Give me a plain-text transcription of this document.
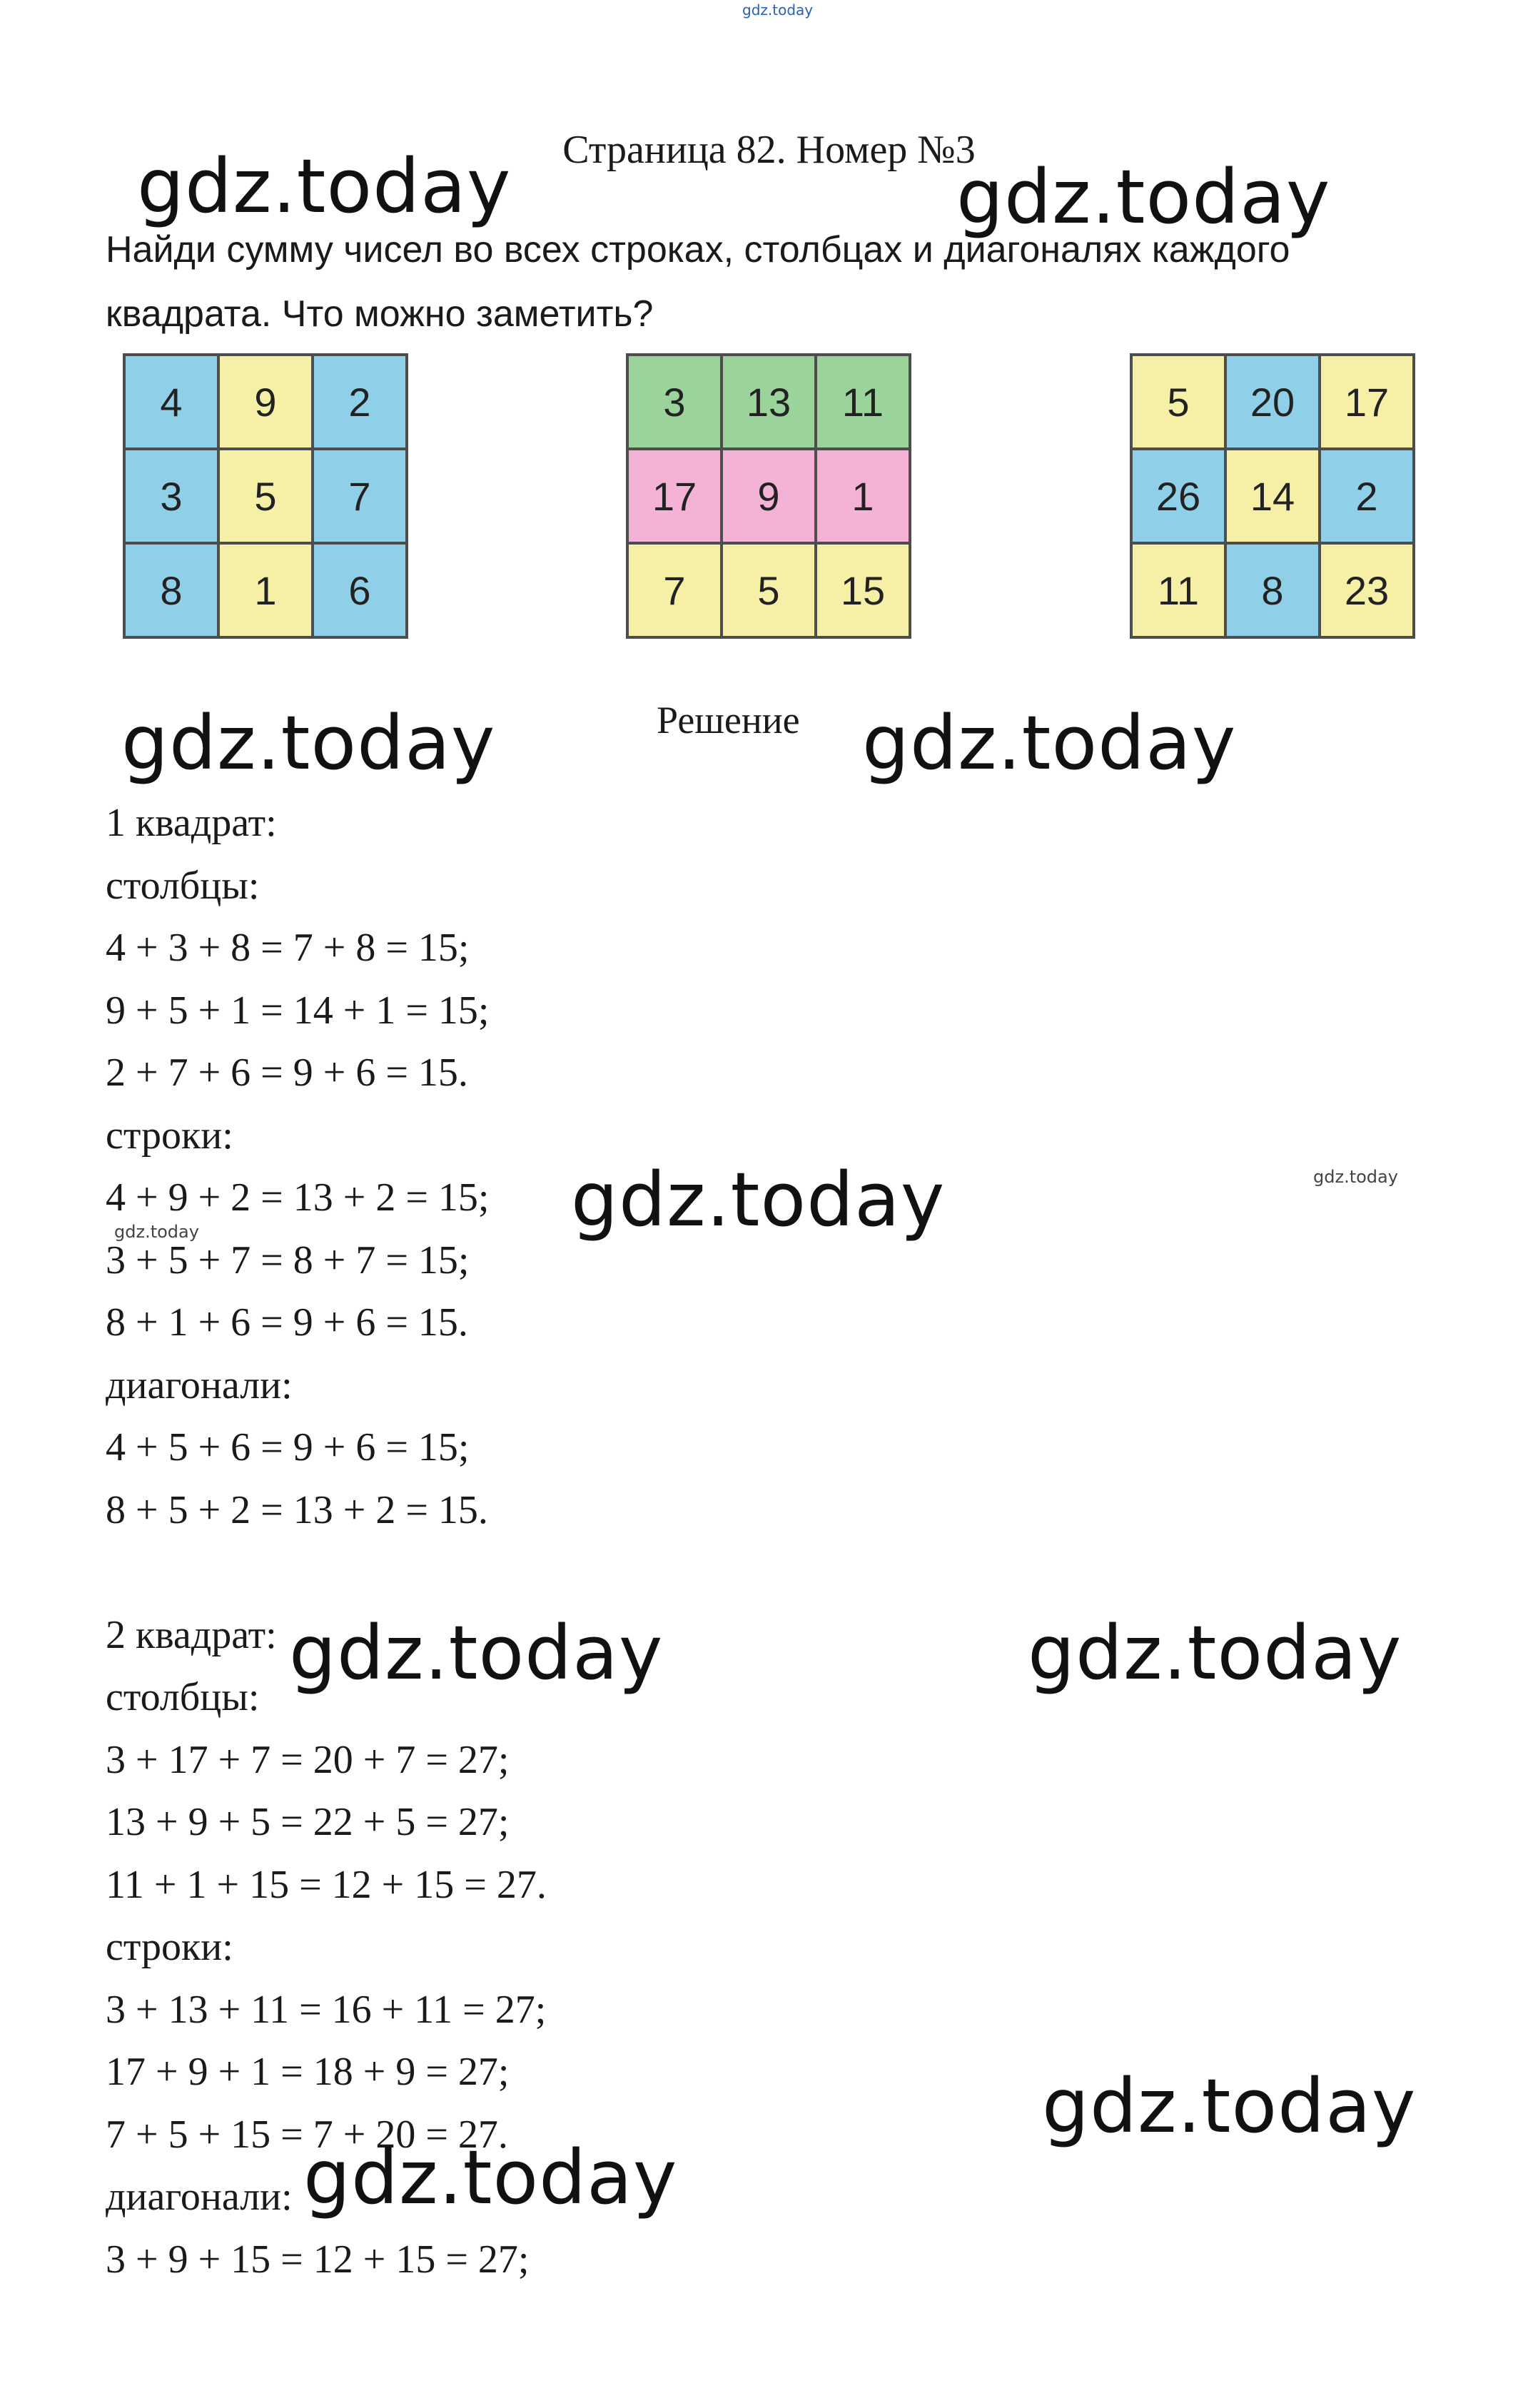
gdz.today
Страница 82. Номер №3
Найди сумму чисел во всех строках, столбцах и диагоналях каждого квадрата. Что можно заметить?
4	9	2
3	5	7
8	1	6
3	13	11
17	9	1
7	5	15
5	20	17
26	14	2
11	8	23
Решение
1 квадрат:
столбцы:
4 + 3 + 8 = 7 + 8 = 15;
9 + 5 + 1 = 14 + 1 = 15;
2 + 7 + 6 = 9 + 6 = 15.
строки:
4 + 9 + 2 = 13 + 2 = 15;
3 + 5 + 7 = 8 + 7 = 15;
8 + 1 + 6 = 9 + 6 = 15.
диагонали:
4 + 5 + 6 = 9 + 6 = 15;
8 + 5 + 2 = 13 + 2 = 15.
2 квадрат:
столбцы:
3 + 17 + 7 = 20 + 7 = 27;
13 + 9 + 5 = 22 + 5 = 27;
11 + 1 + 15 = 12 + 15 = 27.
строки:
3 + 13 + 11 = 16 + 11 = 27;
17 + 9 + 1 = 18 + 9 = 27;
7 + 5 + 15 = 7 + 20 = 27.
диагонали:
3 + 9 + 15 = 12 + 15 = 27;
gdz.today	gdz.today
gdz.today	gdz.today
gdz.today	gdz.today
gdz.today
gdz.today	gdz.today
gdz.today
gdz.today
